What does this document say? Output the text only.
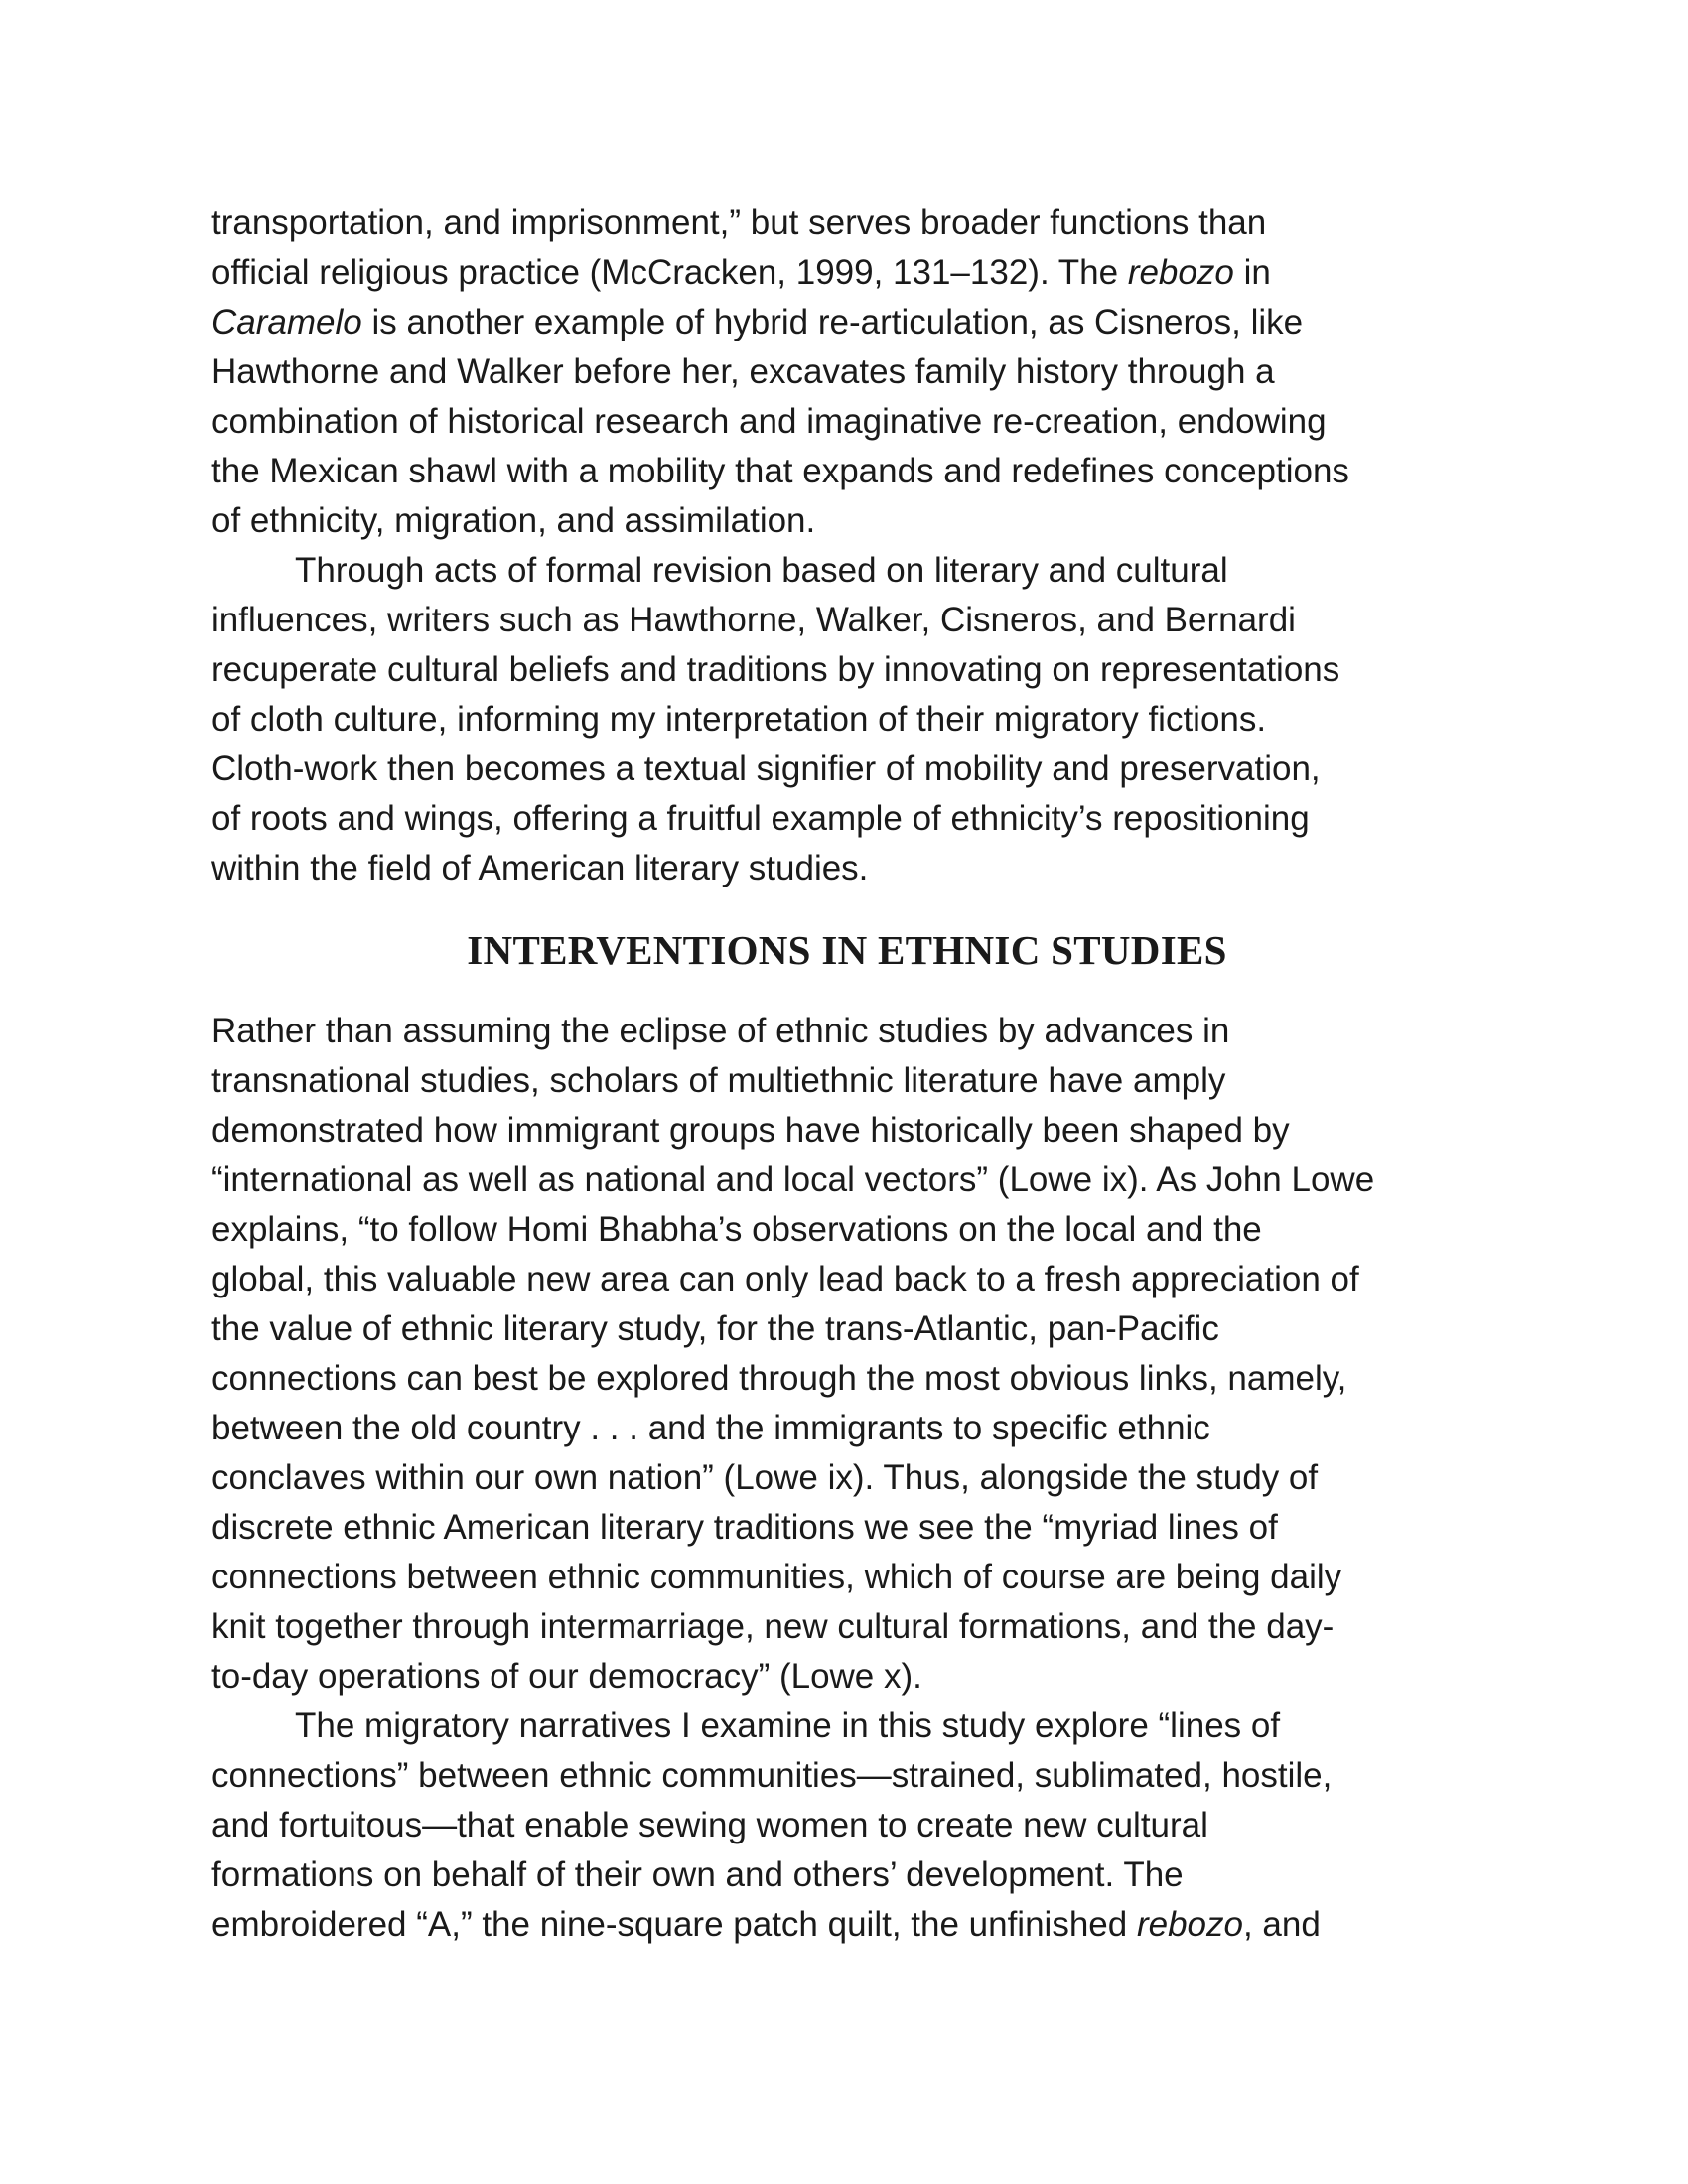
transportation, and imprisonment,” but serves broader functions than
official religious practice (McCracken, 1999, 131–132). The rebozo in
Caramelo is another example of hybrid re-articulation, as Cisneros, like
Hawthorne and Walker before her, excavates family history through a
combination of historical research and imaginative re-creation, endowing
the Mexican shawl with a mobility that expands and redefines conceptions
of ethnicity, migration, and assimilation.
Through acts of formal revision based on literary and cultural
influences, writers such as Hawthorne, Walker, Cisneros, and Bernardi
recuperate cultural beliefs and traditions by innovating on representations
of cloth culture, informing my interpretation of their migratory fictions.
Cloth-work then becomes a textual signifier of mobility and preservation,
of roots and wings, offering a fruitful example of ethnicity’s repositioning
within the field of American literary studies.
INTERVENTIONS IN ETHNIC STUDIES
Rather than assuming the eclipse of ethnic studies by advances in
transnational studies, scholars of multiethnic literature have amply
demonstrated how immigrant groups have historically been shaped by
“international as well as national and local vectors” (Lowe ix). As John Lowe
explains, “to follow Homi Bhabha’s observations on the local and the
global, this valuable new area can only lead back to a fresh appreciation of
the value of ethnic literary study, for the trans-Atlantic, pan-Pacific
connections can best be explored through the most obvious links, namely,
between the old country . . . and the immigrants to specific ethnic
conclaves within our own nation” (Lowe ix). Thus, alongside the study of
discrete ethnic American literary traditions we see the “myriad lines of
connections between ethnic communities, which of course are being daily
knit together through intermarriage, new cultural formations, and the day-
to-day operations of our democracy” (Lowe x).
The migratory narratives I examine in this study explore “lines of
connections” between ethnic communities—strained, sublimated, hostile,
and fortuitous—that enable sewing women to create new cultural
formations on behalf of their own and others’ development. The
embroidered “A,” the nine-square patch quilt, the unfinished rebozo, and
